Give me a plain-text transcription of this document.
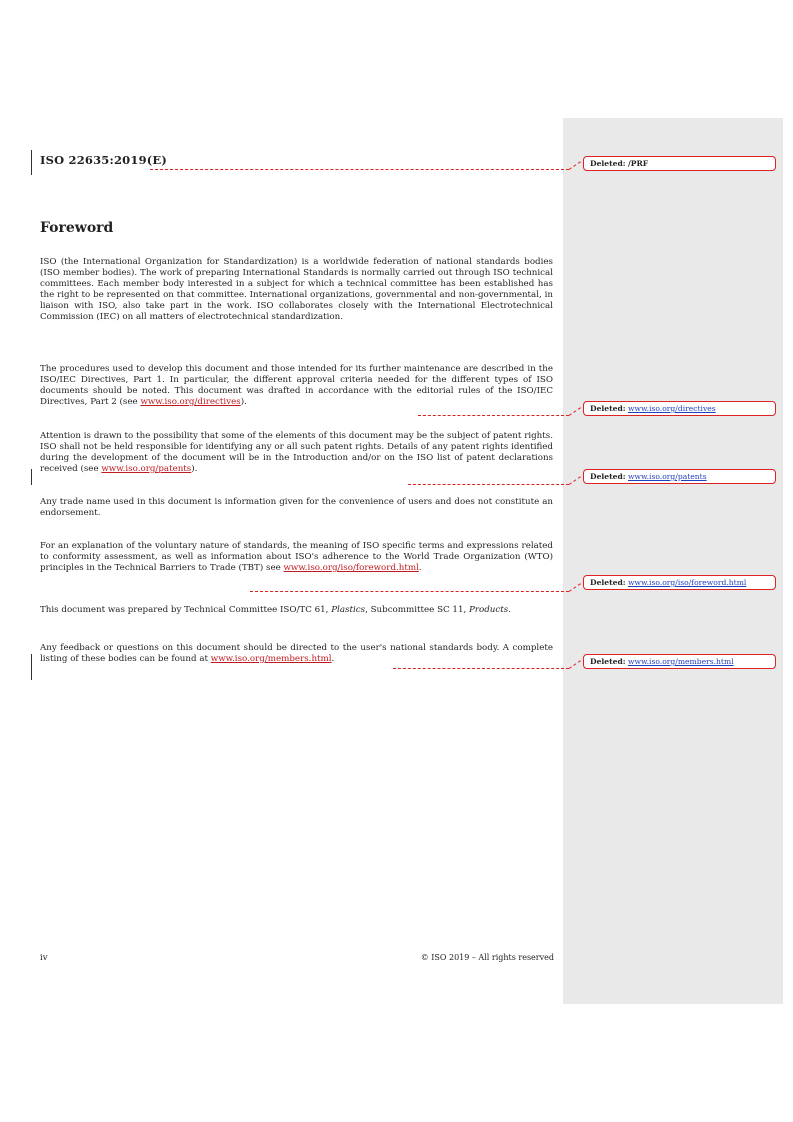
ISO 22635:2019(E)
Foreword

ISO (the International Organization for Standardization) is a worldwide federation of national standards bodies (ISO member bodies). The work of preparing International Standards is normally carried out through ISO technical committees. Each member body interested in a subject for which a technical committee has been established has the right to be represented on that committee. International organizations, governmental and non-governmental, in liaison with ISO, also take part in the work. ISO collaborates closely with the International Electrotechnical Commission (IEC) on all matters of electrotechnical standardization.

The procedures used to develop this document and those intended for its further maintenance are described in the ISO/IEC Directives, Part 1. In particular, the different approval criteria needed for the different types of ISO documents should be noted. This document was drafted in accordance with the editorial rules of the ISO/IEC Directives, Part 2 (see www.iso.org/directives).

Attention is drawn to the possibility that some of the elements of this document may be the subject of patent rights. ISO shall not be held responsible for identifying any or all such patent rights. Details of any patent rights identified during the development of the document will be in the Introduction and/or on the ISO list of patent declarations received (see www.iso.org/patents).

Any trade name used in this document is information given for the convenience of users and does not constitute an endorsement.

For an explanation of the voluntary nature of standards, the meaning of ISO specific terms and expressions related to conformity assessment, as well as information about ISO's adherence to the World Trade Organization (WTO) principles in the Technical Barriers to Trade (TBT) see www.iso.org/iso/foreword.html.

This document was prepared by Technical Committee ISO/TC 61, Plastics, Subcommittee SC 11, Products.

Any feedback or questions on this document should be directed to the user's national standards body. A complete listing of these bodies can be found at www.iso.org/members.html.

Deleted: /PRF
Deleted: www.iso.org/directives
Deleted: www.iso.org/patents
Deleted: www.iso.org/iso/foreword.html
Deleted: www.iso.org/members.html
iv	© ISO 2019 – All rights reserved
